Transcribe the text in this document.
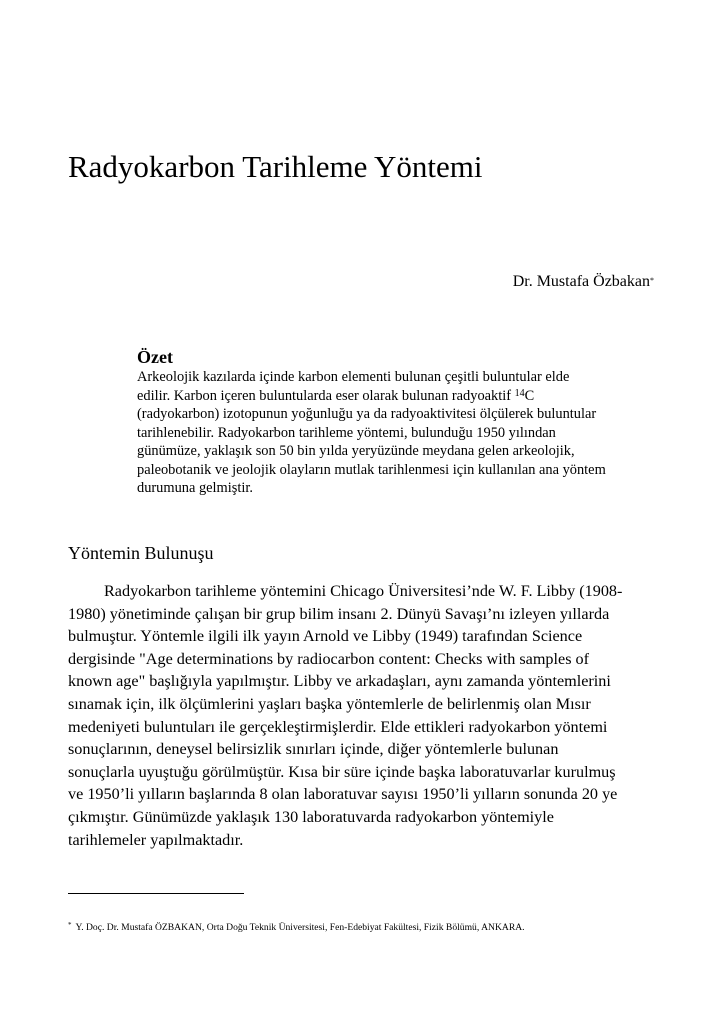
Radyokarbon Tarihleme Yöntemi
Dr. Mustafa Özbakan*
Özet

Arkeolojik kazılarda içinde karbon elementi bulunan çeşitli buluntular elde
edilir. Karbon içeren buluntularda eser olarak bulunan radyoaktif $^{14}$C
(radyokarbon) izotopunun yoğunluğu ya da radyoaktivitesi ölçülerek buluntular
tarihlenebilir. Radyokarbon tarihleme yöntemi, bulunduğu 1950 yılından
günümüze, yaklaşık son 50 bin yılda yeryüzünde meydana gelen arkeolojik,
paleobotanik ve jeolojik olayların mutlak tarihlenmesi için kullanılan ana yöntem
durumuna gelmiştir.

Yöntemin Bulunuşu

Radyokarbon tarihleme yöntemini Chicago Üniversitesi’nde W. F. Libby (1908-
1980) yönetiminde çalışan bir grup bilim insanı 2. Dünyü Savaşı’nı izleyen yıllarda
bulmuştur. Yöntemle ilgili ilk yayın Arnold ve Libby (1949) tarafından Science
dergisinde "Age determinations by radiocarbon content: Checks with samples of
known age" başlığıyla yapılmıştır. Libby ve arkadaşları, aynı zamanda yöntemlerini
sınamak için, ilk ölçümlerini yaşları başka yöntemlerle de belirlenmiş olan Mısır
medeniyeti buluntuları ile gerçekleştirmişlerdir. Elde ettikleri radyokarbon yöntemi
sonuçlarının, deneysel belirsizlik sınırları içinde, diğer yöntemlerle bulunan
sonuçlarla uyuştuğu görülmüştür. Kısa bir süre içinde başka laboratuvarlar kurulmuş
ve 1950’li yılların başlarında 8 olan laboratuvar sayısı 1950’li yılların sonunda 20 ye
çıkmıştır. Günümüzde yaklaşık 130 laboratuvarda radyokarbon yöntemiyle
tarihlemeler yapılmaktadır.

* Y. Doç. Dr. Mustafa ÖZBAKAN, Orta Doğu Teknik Üniversitesi, Fen-Edebiyat Fakültesi, Fizik Bölümü, ANKARA.
